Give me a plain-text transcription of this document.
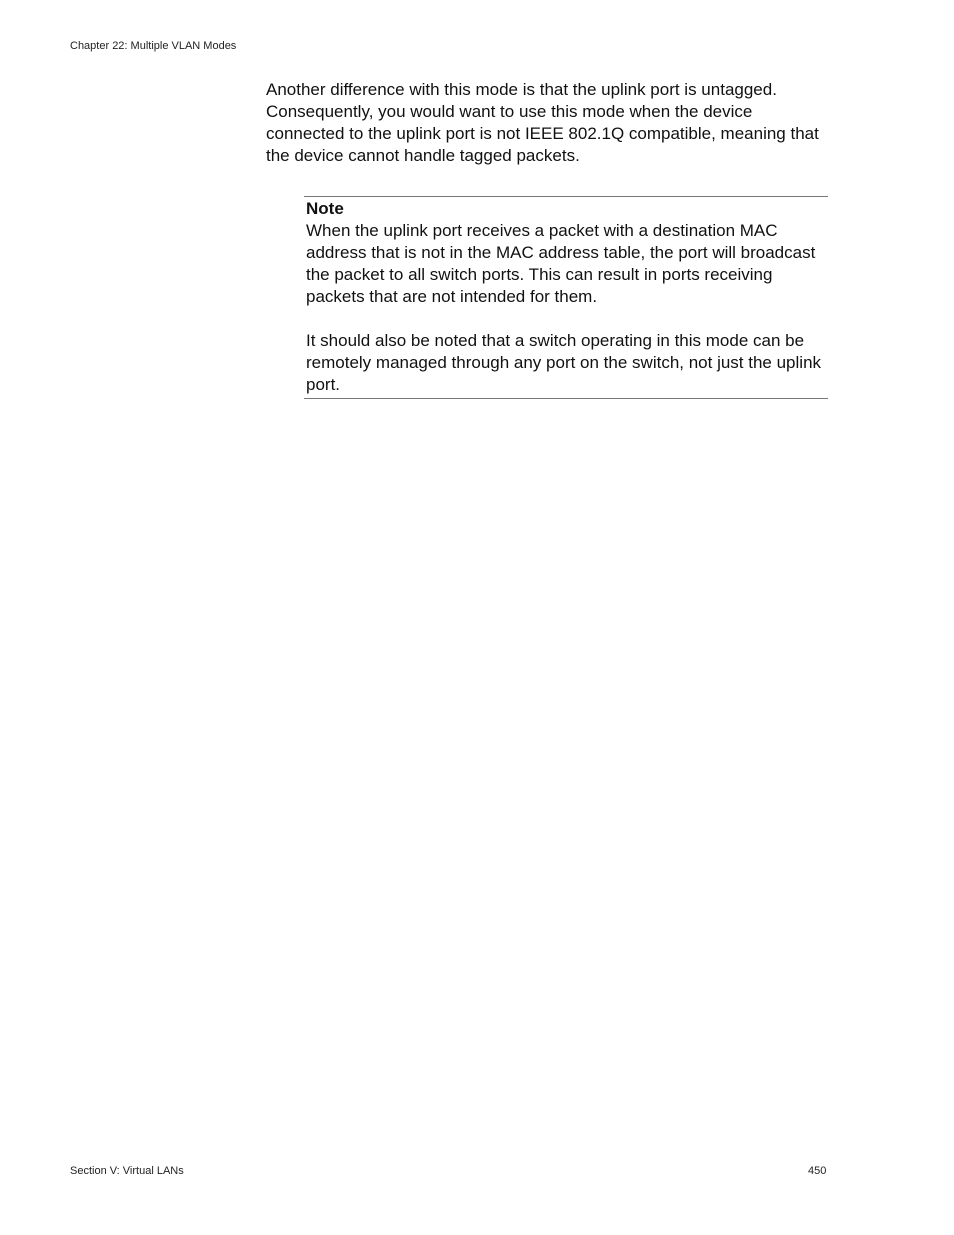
Chapter 22: Multiple VLAN Modes

Another difference with this mode is that the uplink port is untagged. Consequently, you would want to use this mode when the device connected to the uplink port is not IEEE 802.1Q compatible, meaning that the device cannot handle tagged packets.

Note

When the uplink port receives a packet with a destination MAC address that is not in the MAC address table, the port will broadcast the packet to all switch ports. This can result in ports receiving packets that are not intended for them.

It should also be noted that a switch operating in this mode can be remotely managed through any port on the switch, not just the uplink port.

Section V: Virtual LANs	450
